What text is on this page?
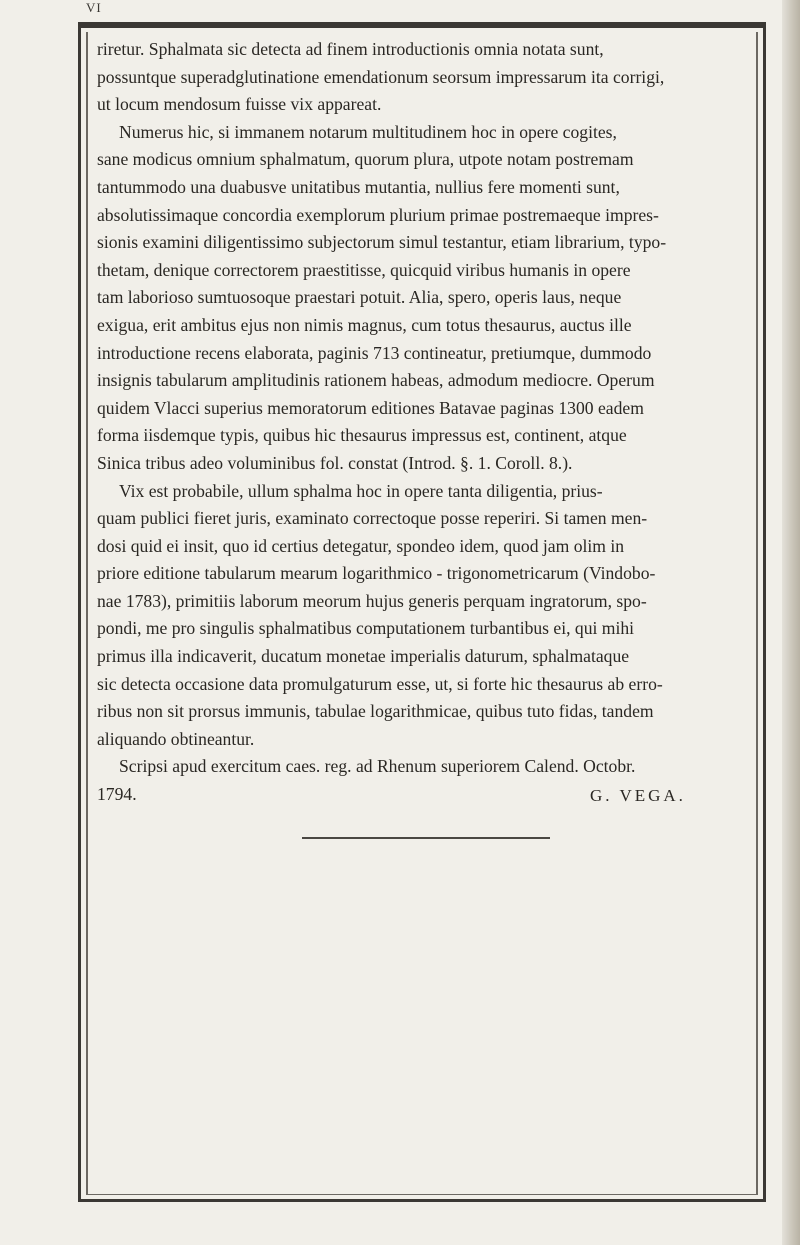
VI
riretur. Sphalmata sic detecta ad finem introductionis omnia notata sunt,
possuntque superadglutinatione emendationum seorsum impressarum ita corrigi,
ut locum mendosum fuisse vix appareat.
Numerus hic, si immanem notarum multitudinem hoc in opere cogites,
sane modicus omnium sphalmatum, quorum plura, utpote notam postremam
tantummodo una duabusve unitatibus mutantia, nullius fere momenti sunt,
absolutissimaque concordia exemplorum plurium primae postremaeque impres-
sionis examini diligentissimo subjectorum simul testantur, etiam librarium, typo-
thetam, denique correctorem praestitisse, quicquid viribus humanis in opere
tam laborioso sumtuosoque praestari potuit. Alia, spero, operis laus, neque
exigua, erit ambitus ejus non nimis magnus, cum totus thesaurus, auctus ille
introductione recens elaborata, paginis 713 contineatur, pretiumque, dummodo
insignis tabularum amplitudinis rationem habeas, admodum mediocre. Operum
quidem Vlacci superius memoratorum editiones Batavae paginas 1300 eadem
forma iisdemque typis, quibus hic thesaurus impressus est, continent, atque
Sinica tribus adeo voluminibus fol. constat (Introd. §. 1. Coroll. 8.).
Vix est probabile, ullum sphalma hoc in opere tanta diligentia, prius-
quam publici fieret juris, examinato correctoque posse reperiri. Si tamen men-
dosi quid ei insit, quo id certius detegatur, spondeo idem, quod jam olim in
priore editione tabularum mearum logarithmico - trigonometricarum (Vindobo-
nae 1783), primitiis laborum meorum hujus generis perquam ingratorum, spo-
pondi, me pro singulis sphalmatibus computationem turbantibus ei, qui mihi
primus illa indicaverit, ducatum monetae imperialis daturum, sphalmataque
sic detecta occasione data promulgaturum esse, ut, si forte hic thesaurus ab erro-
ribus non sit prorsus immunis, tabulae logarithmicae, quibus tuto fidas, tandem
aliquando obtineantur.
Scripsi apud exercitum caes. reg. ad Rhenum superiorem Calend. Octobr.
1794.	G. VEGA.
